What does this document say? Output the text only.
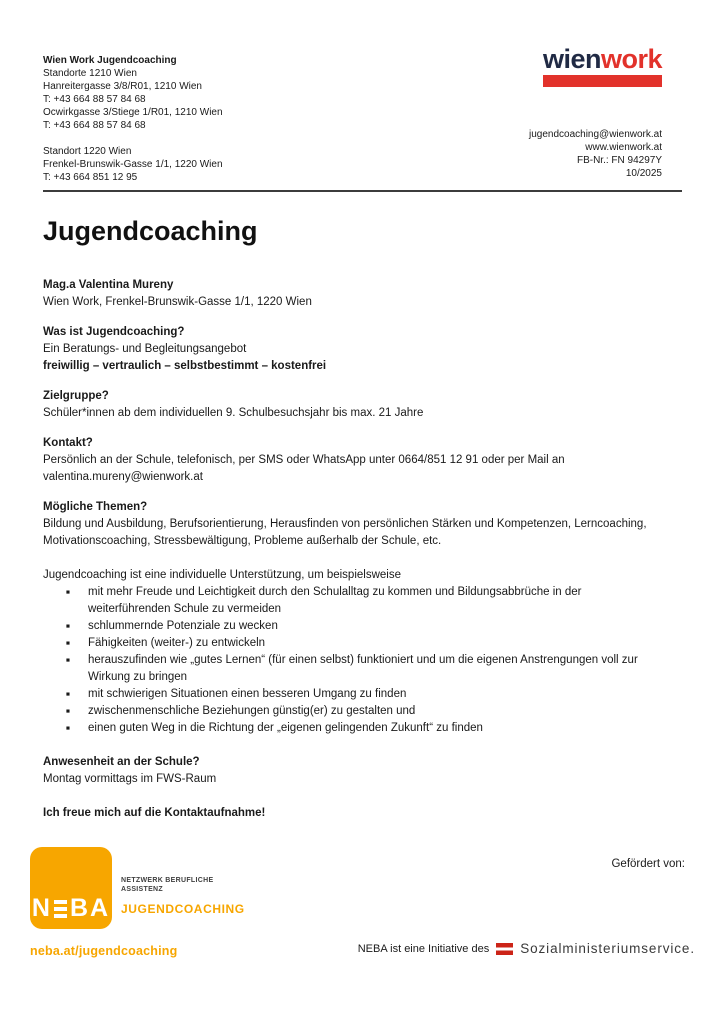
Wien Work Jugendcoaching
Standorte 1210 Wien
Hanreitergasse 3/8/R01, 1210 Wien
T: +43 664 88 57 84 68
Ocwirkgasse 3/Stiege 1/R01, 1210 Wien
T: +43 664 88 57 84 68
Standort 1220 Wien
Frenkel-Brunswik-Gasse 1/1, 1220 Wien
T: +43 664 851 12 95
wienwork
jugendcoaching@wienwork.at
www.wienwork.at
FB-Nr.: FN 94297Y
10/2025
Jugendcoaching

Mag.a Valentina Mureny
Wien Work, Frenkel-Brunswik-Gasse 1/1, 1220 Wien

Was ist Jugendcoaching?
Ein Beratungs- und Begleitungsangebot
freiwillig – vertraulich – selbstbestimmt – kostenfrei

Zielgruppe?
Schüler*innen ab dem individuellen 9. Schulbesuchsjahr bis max. 21 Jahre

Kontakt?
Persönlich an der Schule, telefonisch, per SMS oder WhatsApp unter 0664/851 12 91 oder per Mail an valentina.mureny@wienwork.at

Mögliche Themen?
Bildung und Ausbildung, Berufsorientierung, Herausfinden von persönlichen Stärken und Kompetenzen, Lerncoaching, Motivationscoaching, Stressbewältigung, Probleme außerhalb der Schule, etc.

Jugendcoaching ist eine individuelle Unterstützung, um beispielsweise

■ mit mehr Freude und Leichtigkeit durch den Schulalltag zu kommen und Bildungsabbrüche in der weiterführenden Schule zu vermeiden
■ schlummernde Potenziale zu wecken
■ Fähigkeiten (weiter-) zu entwickeln
■ herauszufinden wie „gutes Lernen“ (für einen selbst) funktioniert und um die eigenen Anstrengungen voll zur Wirkung zu bringen
■ mit schwierigen Situationen einen besseren Umgang zu finden
■ zwischenmenschliche Beziehungen günstig(er) zu gestalten und
■ einen guten Weg in die Richtung der „eigenen gelingenden Zukunft“ zu finden

Anwesenheit an der Schule?
Montag vormittags im FWS-Raum

Ich freue mich auf die Kontaktaufnahme!

N BA
NETZWERK BERUFLICHE
ASSISTENZ
JUGENDCOACHING
neba.at/jugendcoaching
Gefördert von:
NEBA ist eine Initiative des Sozialministeriumservice.
